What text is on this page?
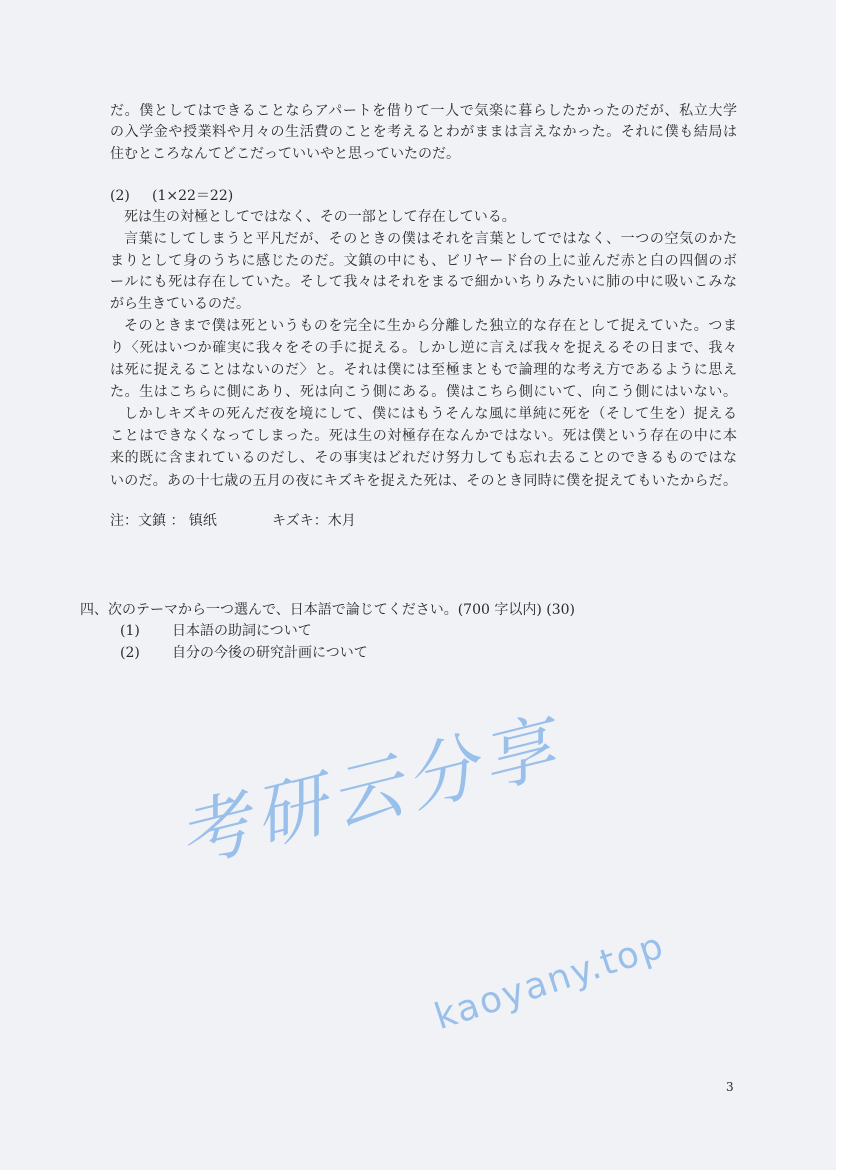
だ。僕としてはできることならアパートを借りて一人で気楽に暮らしたかったのだが、私立大学
の入学金や授業料や月々の生活費のことを考えるとわがままは言えなかった。それに僕も結局は
住むところなんてどこだっていいやと思っていたのだ。
(2) (1×22＝22)
死は生の対極としてではなく、その一部として存在している。
言葉にしてしまうと平凡だが、そのときの僕はそれを言葉としてではなく、一つの空気のかた
まりとして身のうちに感じたのだ。文鎮の中にも、ビリヤード台の上に並んだ赤と白の四個のボ
ールにも死は存在していた。そして我々はそれをまるで細かいちりみたいに肺の中に吸いこみな
がら生きているのだ。
そのときまで僕は死というものを完全に生から分離した独立的な存在として捉えていた。つま
り〈死はいつか確実に我々をその手に捉える。しかし逆に言えば我々を捉えるその日まで、我々
は死に捉えることはないのだ〉と。それは僕には至極まともで論理的な考え方であるように思え
た。生はこちらに側にあり、死は向こう側にある。僕はこちら側にいて、向こう側にはいない。
しかしキズキの死んだ夜を境にして、僕にはもうそんな風に単純に死を（そして生を）捉える
ことはできなくなってしまった。死は生の対極存在なんかではない。死は僕という存在の中に本
来的既に含まれているのだし、その事実はどれだけ努力しても忘れ去ることのできるものではな
いのだ。あの十七歳の五月の夜にキズキを捉えた死は、そのとき同時に僕を捉えてもいたからだ。
注： 文鎮 ： 镇纸	キズキ：木月
四、次のテーマから一つ選んで、日本語で論じてください。(700 字以内) (30)
(1) 日本語の助詞について
(2) 自分の今後の研究計画について
考研云分享
kaoyany.top
3
